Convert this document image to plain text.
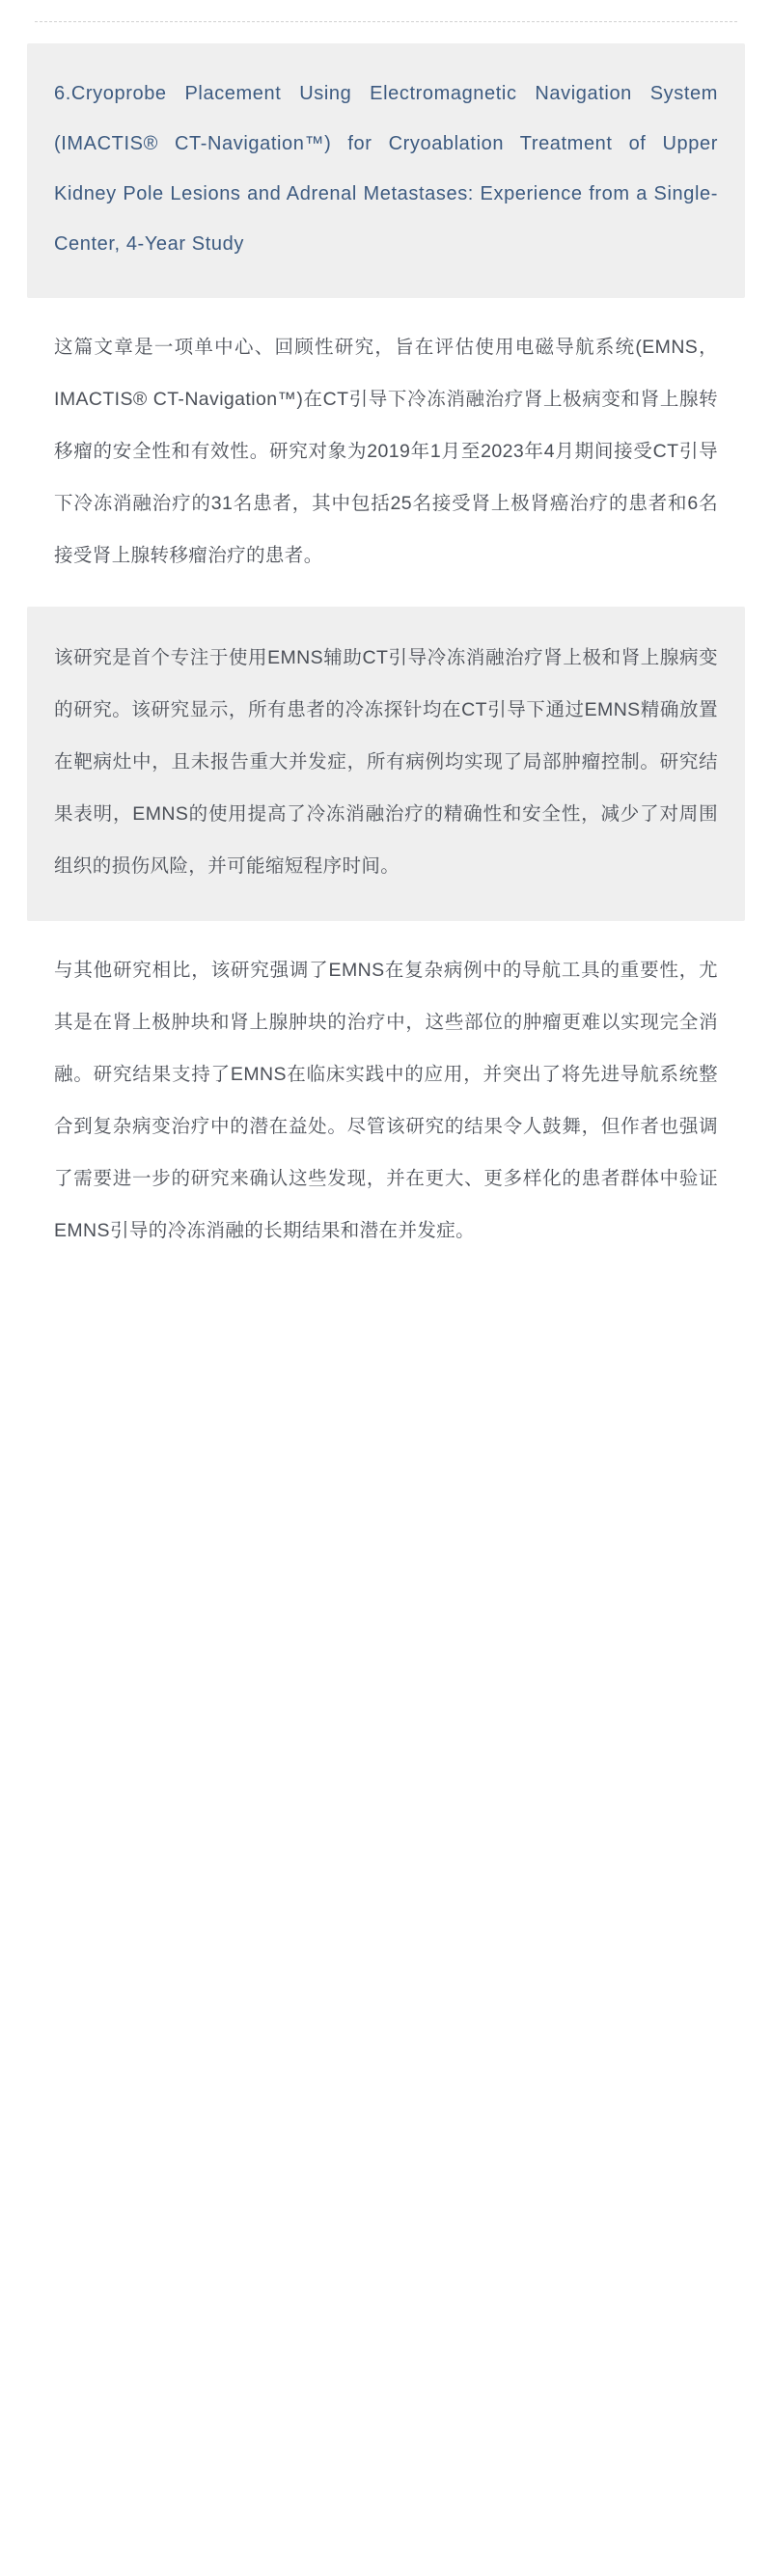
6.Cryoprobe Placement Using Electromagnetic Navigation System (IMACTIS® CT-Navigation™) for Cryoablation Treatment of Upper Kidney Pole Lesions and Adrenal Metastases: Experience from a Single-Center, 4-Year Study

这篇文章是一项单中心、回顾性研究，旨在评估使用电磁导航系统(EMNS，IMACTIS® CT-Navigation™)在CT引导下冷冻消融治疗肾上极病变和肾上腺转移瘤的安全性和有效性。研究对象为2019年1月至2023年4月期间接受CT引导下冷冻消融治疗的31名患者，其中包括25名接受肾上极肾癌治疗的患者和6名接受肾上腺转移瘤治疗的患者。

该研究是首个专注于使用EMNS辅助CT引导冷冻消融治疗肾上极和肾上腺病变的研究。该研究显示，所有患者的冷冻探针均在CT引导下通过EMNS精确放置在靶病灶中，且未报告重大并发症，所有病例均实现了局部肿瘤控制。研究结果表明，EMNS的使用提高了冷冻消融治疗的精确性和安全性，减少了对周围组织的损伤风险，并可能缩短程序时间。

与其他研究相比，该研究强调了EMNS在复杂病例中的导航工具的重要性，尤其是在肾上极肿块和肾上腺肿块的治疗中，这些部位的肿瘤更难以实现完全消融。研究结果支持了EMNS在临床实践中的应用，并突出了将先进导航系统整合到复杂病变治疗中的潜在益处。尽管该研究的结果令人鼓舞，但作者也强调了需要进一步的研究来确认这些发现，并在更大、更多样化的患者群体中验证EMNS引导的冷冻消融的长期结果和潜在并发症。
